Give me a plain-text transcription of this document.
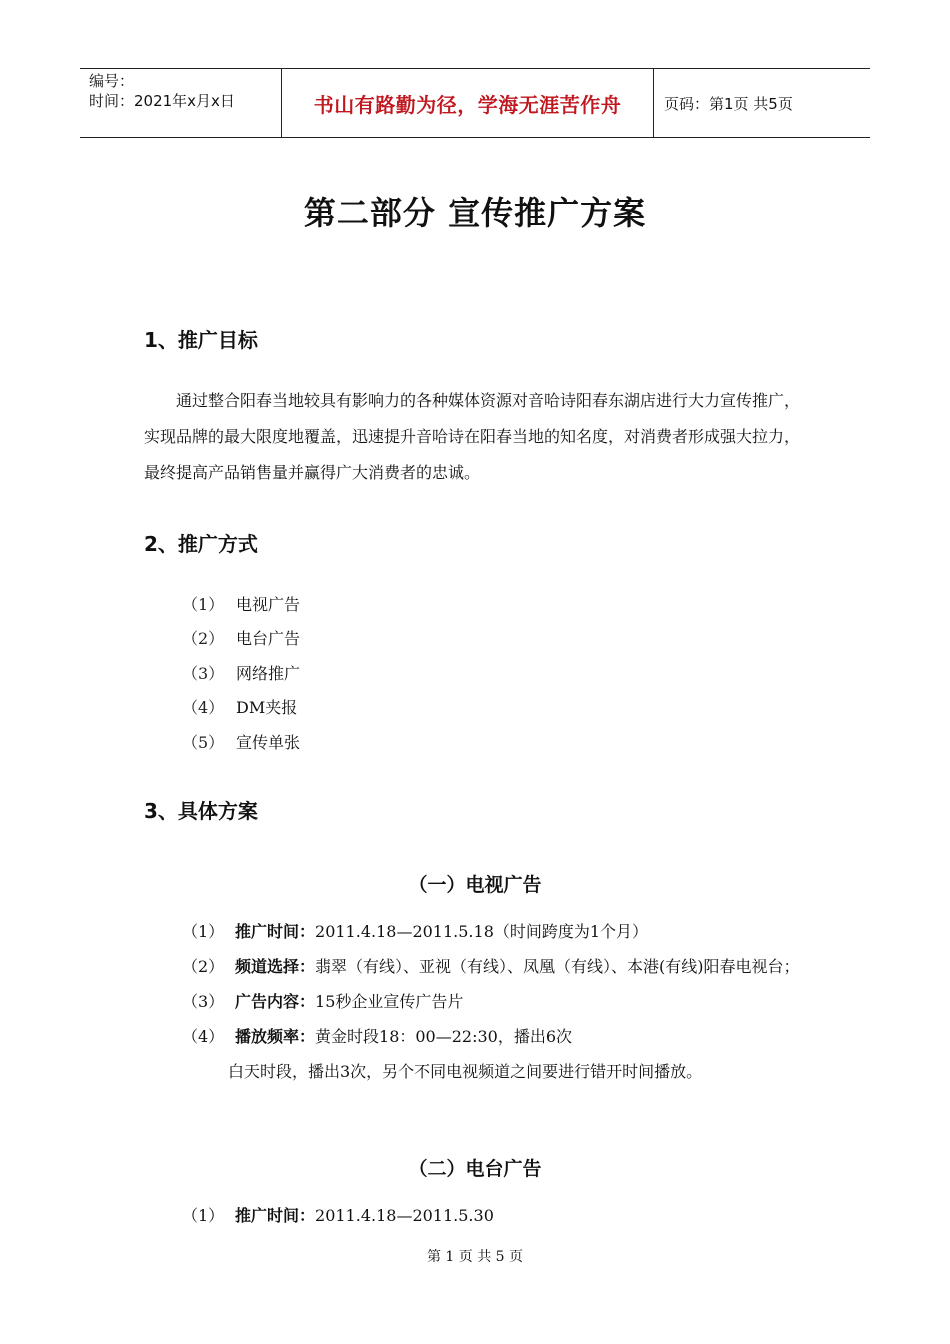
编号：
时间：2021年x月x日	书山有路勤为径，学海无涯苦作舟	页码：第1页 共5页
第二部分 宣传推广方案
1、推广目标
通过整合阳春当地较具有影响力的各种媒体资源对音哈诗阳春东湖店进行大力宣传推广，实现品牌的最大限度地覆盖，迅速提升音哈诗在阳春当地的知名度，对消费者形成强大拉力，最终提高产品销售量并赢得广大消费者的忠诚。
2、推广方式
（1） 电视广告
（2） 电台广告
（3） 网络推广
（4） DM夹报
（5） 宣传单张
3、具体方案
（一）电视广告
（1） 推广时间：2011.4.18—2011.5.18（时间跨度为1个月）
（2） 频道选择：翡翠（有线）、亚视（有线）、凤凰（有线）、本港(有线)阳春电视台；
（3） 广告内容：15秒企业宣传广告片
（4） 播放频率：黄金时段18：00—22:30，播出6次
白天时段，播出3次，另个不同电视频道之间要进行错开时间播放。
（二）电台广告
（1） 推广时间：2011.4.18—2011.5.30
第 1 页 共 5 页
